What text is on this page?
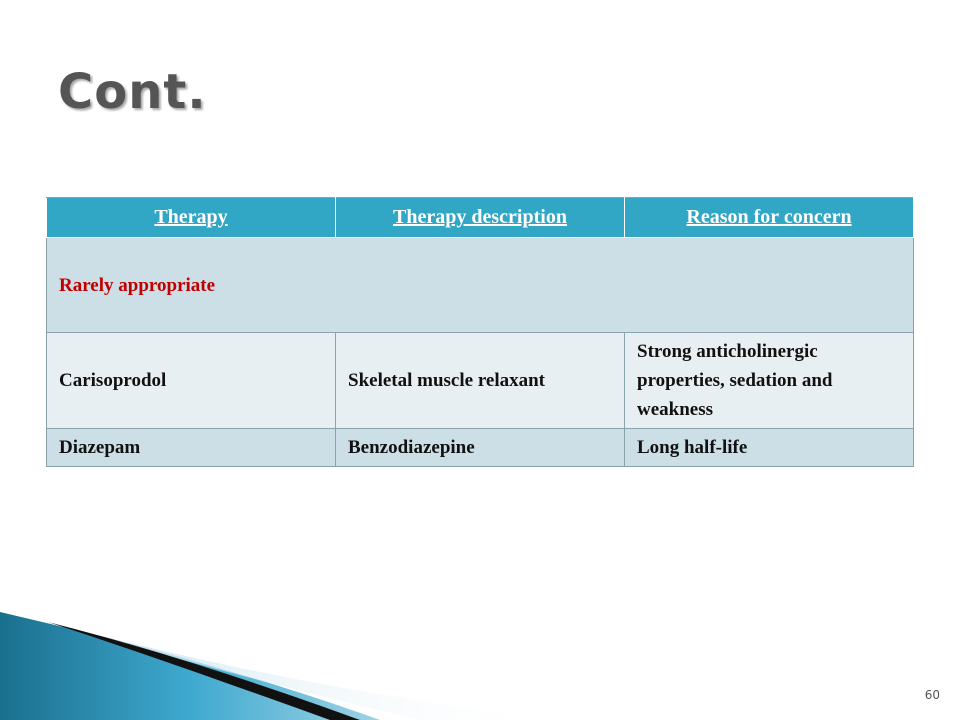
Cont.
Therapy	Therapy description	Reason for concern
Rarely appropriate		
Carisoprodol	Skeletal muscle relaxant	Strong anticholinergic properties, sedation and weakness
Diazepam	Benzodiazepine	Long half-life
60
